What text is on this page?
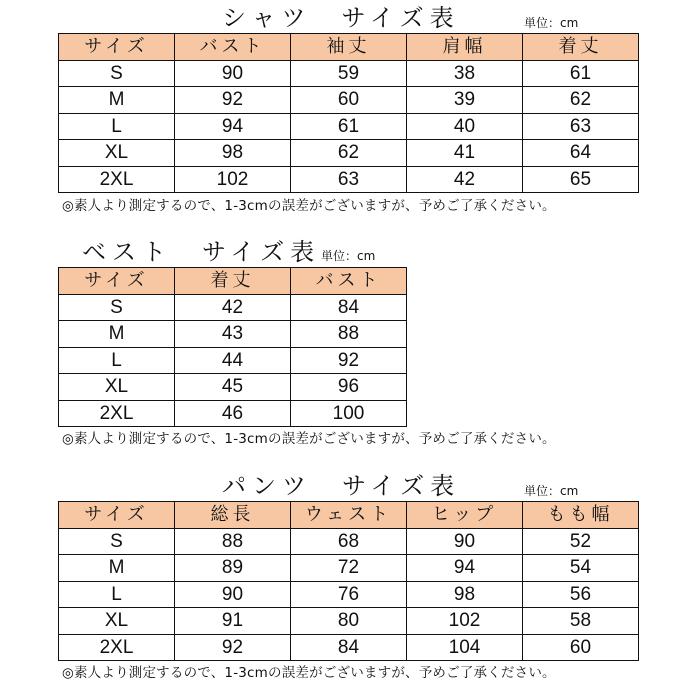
シャツ　サイズ表	単位：cm
サイズ	バスト	袖丈	肩幅	着丈

S	90	59	38	61

M	92	60	39	62

L	94	61	40	63

XL	98	62	41	64

2XL	102	63	42	65
◎素人より測定するので、1-3cmの誤差がございますが、予めご了承ください。
ベスト　サイズ表 単位：cm
サイズ	着丈	バスト

S	42	84

M	43	88

L	44	92

XL	45	96

2XL	46	100
◎素人より測定するので、1-3cmの誤差がございますが、予めご了承ください。
パンツ　サイズ表	単位：cm
サイズ	総長	ウェスト	ヒップ	もも幅

S	88	68	90	52

M	89	72	94	54

L	90	76	98	56

XL	91	80	102	58

2XL	92	84	104	60
◎素人より測定するので、1-3cmの誤差がございますが、予めご了承ください。
